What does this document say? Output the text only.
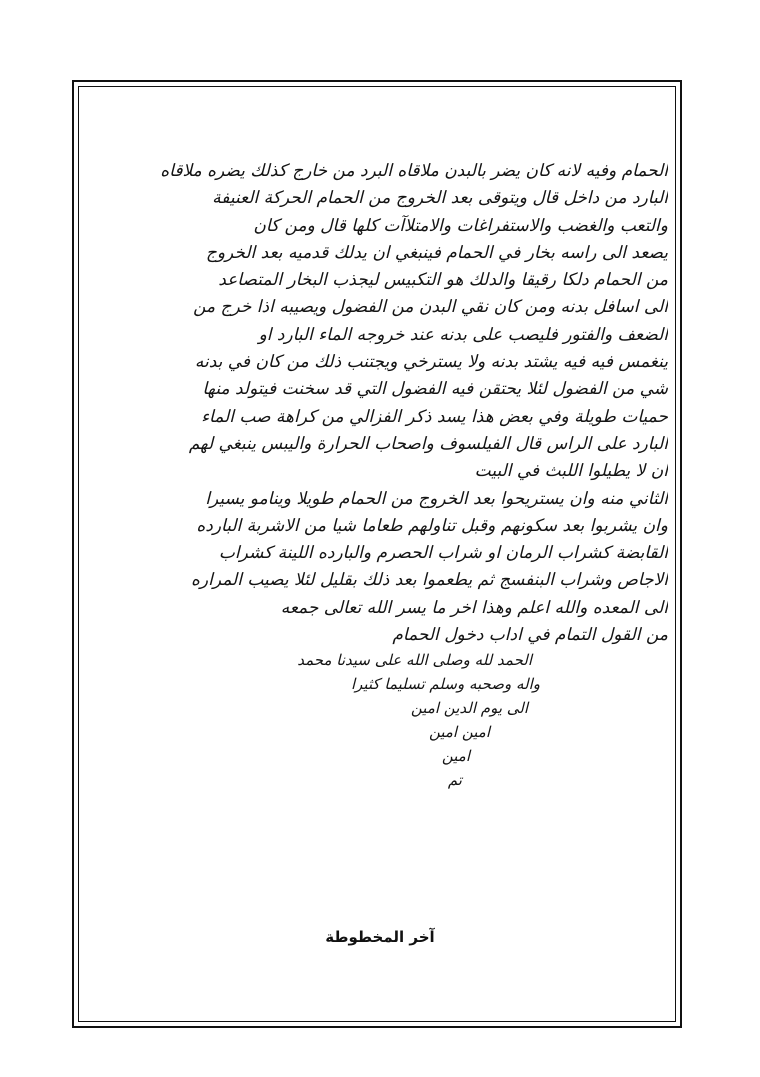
الحمام وفيه لانه كان يضر بالبدن ملاقاه البرد من خارج كذلك يضره ملاقاه
البارد من داخل قال ويتوقى بعد الخروج من الحمام الحركة العنيفة
والتعب والغضب والاستفراغات والامتلاآت كلها قال ومن كان
يصعد الى راسه بخار في الحمام فينبغي ان يدلك قدميه بعد الخروج
من الحمام دلكا رقيقا والدلك هو التكبيس ليجذب البخار المتصاعد
الى اسافل بدنه ومن كان نقي البدن من الفضول ويصيبه اذا خرج من
الضعف والفتور فليصب على بدنه عند خروجه الماء البارد او
ينغمس فيه فيه يشتد بدنه ولا يسترخي ويجتنب ذلك من كان في بدنه
شي من الفضول لئلا يحتقن فيه الفضول التي قد سخنت فيتولد منها
حميات طويلة وفي بعض هذا يسد ذكر الفزالي من كراهة صب الماء
البارد على الراس قال الفيلسوف واصحاب الحرارة واليبس ينبغي لهم
ان لا يطيلوا اللبث في البيت
الثاني منه وان يستريحوا بعد الخروج من الحمام طويلا وينامو يسيرا
وان يشربوا بعد سكونهم وقبل تناولهم طعاما شيا من الاشربة البارده
القابضة كشراب الرمان او شراب الحصرم والبارده اللينة كشراب
الاجاص وشراب البنفسج ثم يطعموا بعد ذلك بقليل لئلا يصيب المراره
الى المعده والله اعلم وهذا اخر ما يسر الله تعالى جمعه
من القول التمام في اداب دخول الحمام
الحمد لله وصلى الله على سيدنا محمد
واله وصحبه وسلم تسليما كثيرا
الى يوم الدين امين
امين امين
امين
تم
آخر المخطوطة
